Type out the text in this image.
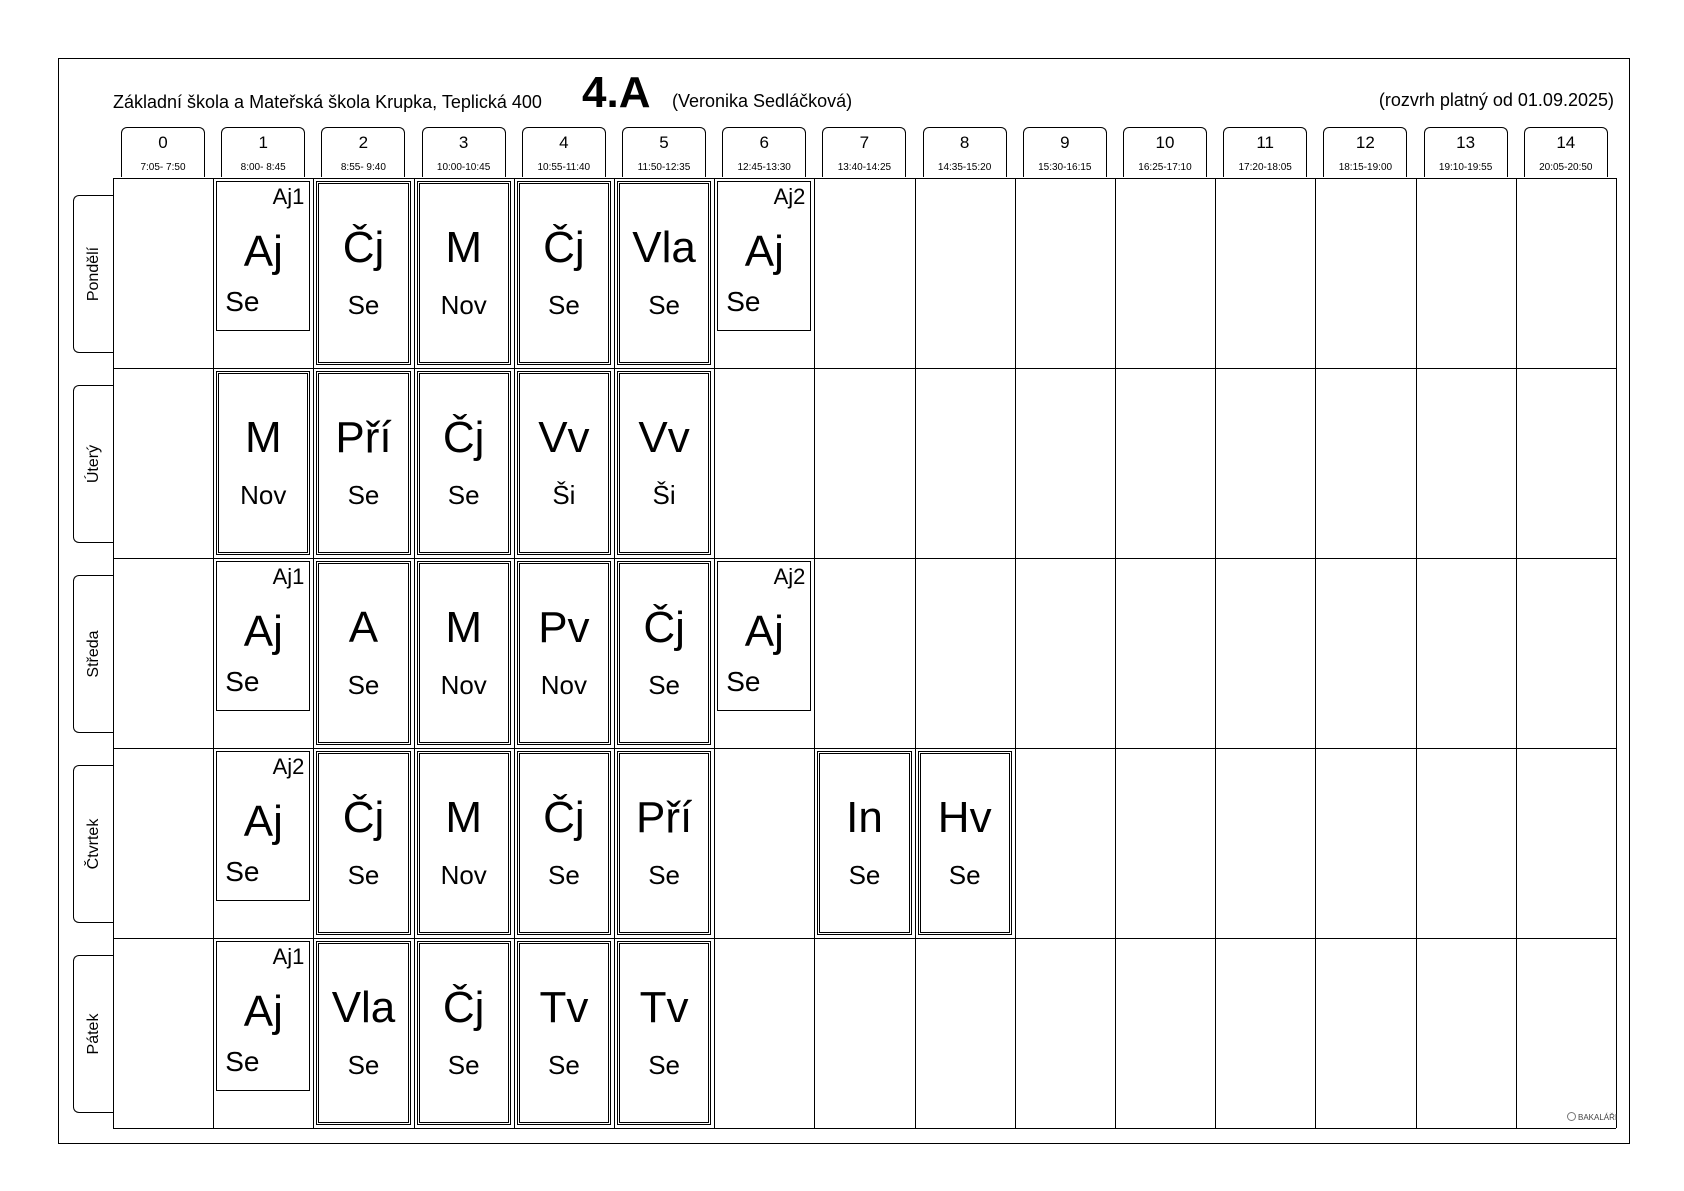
Základní škola a Mateřská škola Krupka, Teplická 400 4.A (Veronika Sedláčková)	(rozvrh platný od 01.09.2025)
0
7:05- 7:50
1
8:00- 8:45
2
8:55- 9:40
3
10:00-10:45
4
10:55-11:40
5
11:50-12:35
6
12:45-13:30
7
13:40-14:25
8
14:35-15:20
9
15:30-16:15
10
16:25-17:10
11
17:20-18:05
12
18:15-19:00
13
19:10-19:55
14
20:05-20:50
Pondělí
Úterý
Středa
Čtvrtek
Pátek
Aj1
Aj
Se
Čj
Se
M
Nov
Čj
Se
Vla
Se
Aj2
Aj
Se
M
Nov
Pří
Se
Čj
Se
Vv
Ši
Vv
Ši
Aj1
Aj
Se
A
Se
M
Nov
Pv
Nov
Čj
Se
Aj2
Aj
Se
Aj2
Aj
Se
Čj
Se
M
Nov
Čj
Se
Pří
Se
In
Se
Hv
Se
Aj1
Aj
Se
Vla
Se
Čj
Se
Tv
Se
Tv
Se
BAKALÁŘI
